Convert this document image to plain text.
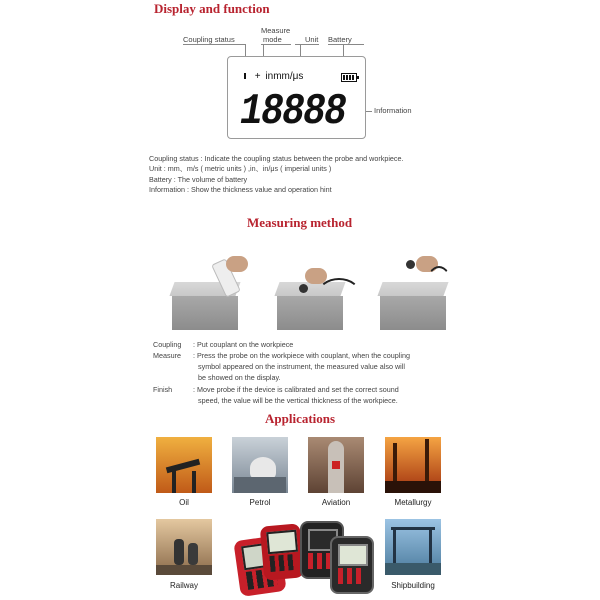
Display and function
Coupling status
Measure
mode	Unit Battery
+ inmm/μs
18888	Information
Coupling status : Indicate the coupling status between the probe and workpiece.
Unit : mm、m/s ( metric units ) ,in、in/μs ( imperial units )
Battery : The volume of battery
Information : Show the thickness value and operation hint
Measuring method
Coupling : Put couplant on the workpiece
Measure : Press the probe on the workpiece with couplant, when the coupling
symbol appeared on the instrument, the measured value also will
be showed on the display.
Finish	: Move probe if the device is calibrated and set the correct sound
speed, the value will be the vertical thickness of the workpiece.
Applications
Oil	Petrol	Aviation	Metallurgy
Railway	Shipbuilding
